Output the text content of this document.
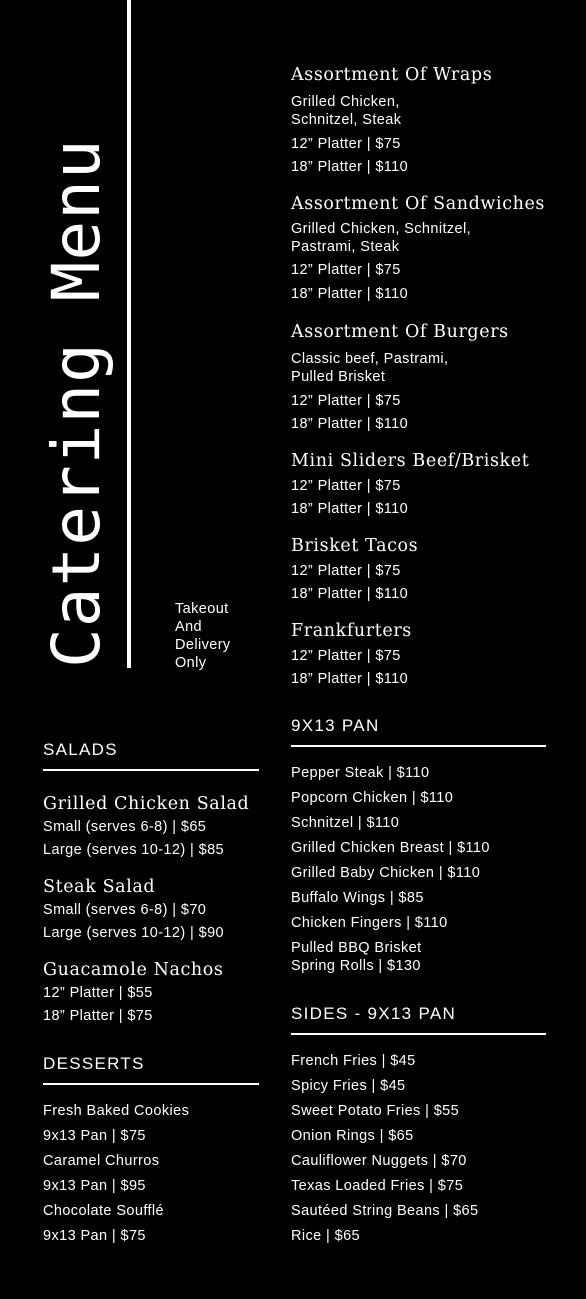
Catering Menu	Takeout
And
Delivery
Only
Assortment Of Wraps
Grilled Chicken,
Schnitzel, Steak
12” Platter | $75
18” Platter | $110
Assortment Of Sandwiches
Grilled Chicken, Schnitzel,
Pastrami, Steak
12” Platter | $75
18” Platter | $110
Assortment Of Burgers
Classic beef, Pastrami,
Pulled Brisket
12” Platter | $75
18” Platter | $110
Mini Sliders Beef/Brisket
12” Platter | $75
18” Platter | $110
Brisket Tacos
12” Platter | $75
18” Platter | $110
Frankfurters
12” Platter | $75
18” Platter | $110
9X13 PAN
Pepper Steak | $110
Popcorn Chicken | $110
Schnitzel | $110
Grilled Chicken Breast | $110
Grilled Baby Chicken | $110
Buffalo Wings | $85
Chicken Fingers | $110
Pulled BBQ Brisket
Spring Rolls | $130
SIDES - 9X13 PAN
French Fries | $45
Spicy Fries | $45
Sweet Potato Fries | $55
Onion Rings | $65
Cauliflower Nuggets | $70
Texas Loaded Fries | $75
Sautéed String Beans | $65
Rice | $65
SALADS
Grilled Chicken Salad
Small (serves 6-8) | $65
Large (serves 10-12) | $85
Steak Salad
Small (serves 6-8) | $70
Large (serves 10-12) | $90
Guacamole Nachos
12” Platter | $55
18” Platter | $75
DESSERTS
Fresh Baked Cookies
9x13 Pan | $75
Caramel Churros
9x13 Pan | $95
Chocolate Soufflé
9x13 Pan | $75
